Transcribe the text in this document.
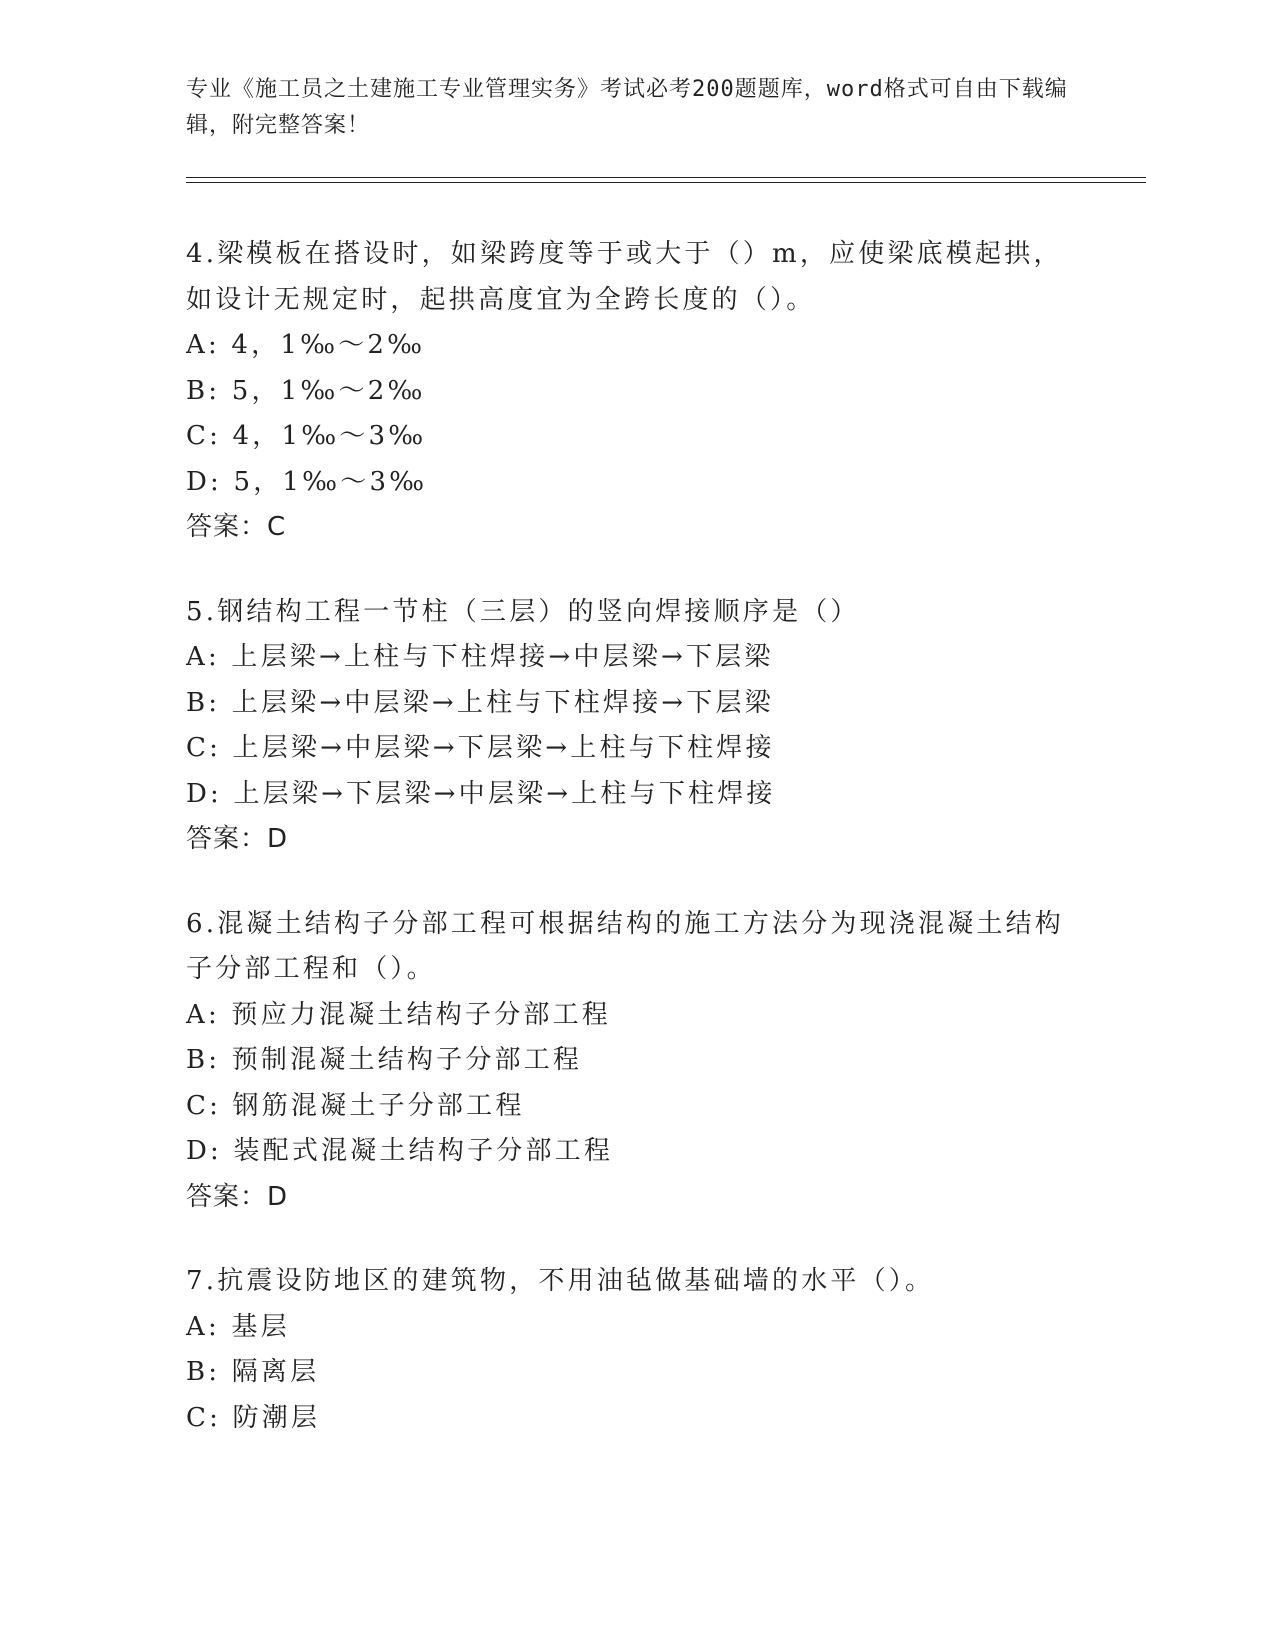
专业《施工员之土建施工专业管理实务》考试必考200题题库，word格式可自由下载编辑，附完整答案！
4.梁模板在搭设时，如梁跨度等于或大于（）m，应使梁底模起拱，如设计无规定时，起拱高度宜为全跨长度的（）。
A: 4，1‰～2‰
B: 5，1‰～2‰
C: 4，1‰～3‰
D: 5，1‰～3‰
答案：C
5.钢结构工程一节柱（三层）的竖向焊接顺序是（）
A: 上层梁→上柱与下柱焊接→中层梁→下层梁
B: 上层梁→中层梁→上柱与下柱焊接→下层梁
C: 上层梁→中层梁→下层梁→上柱与下柱焊接
D: 上层梁→下层梁→中层梁→上柱与下柱焊接
答案：D
6.混凝土结构子分部工程可根据结构的施工方法分为现浇混凝土结构子分部工程和（）。
A: 预应力混凝土结构子分部工程
B: 预制混凝土结构子分部工程
C: 钢筋混凝土子分部工程
D: 装配式混凝土结构子分部工程
答案：D
7.抗震设防地区的建筑物，不用油毡做基础墙的水平（）。
A: 基层
B: 隔离层
C: 防潮层
